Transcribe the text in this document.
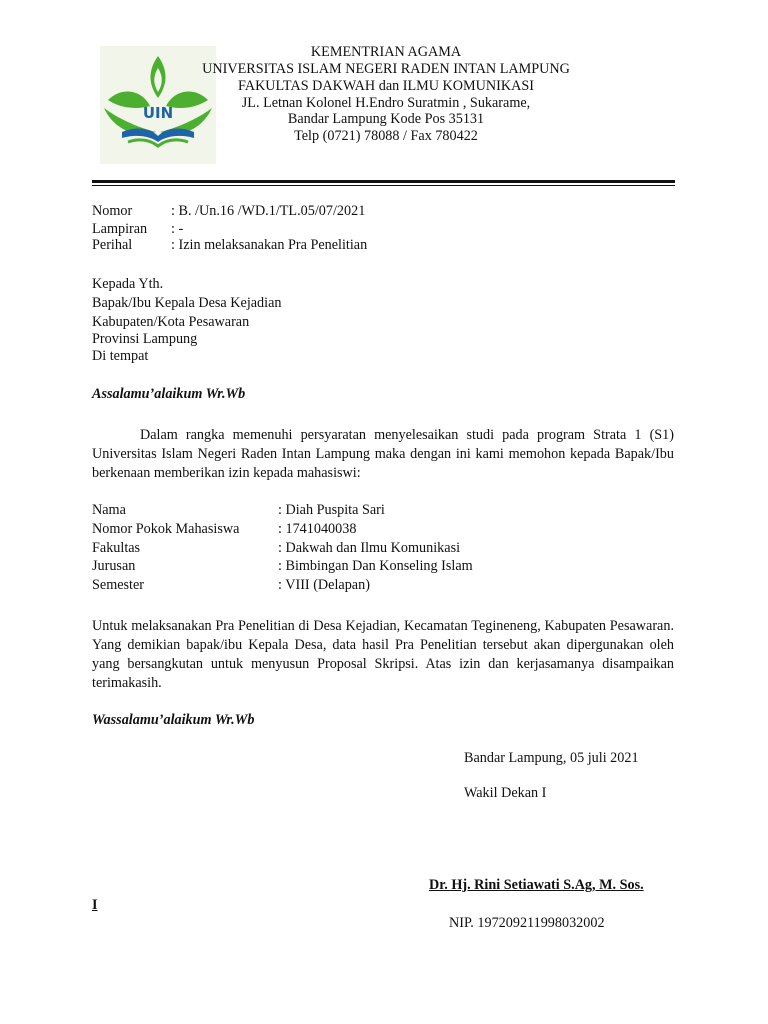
UIN
KEMENTRIAN AGAMA
UNIVERSITAS ISLAM NEGERI RADEN INTAN LAMPUNG
FAKULTAS DAKWAH dan ILMU KOMUNIKASI
JL. Letnan Kolonel H.Endro Suratmin , Sukarame,
Bandar Lampung Kode Pos 35131
Telp (0721) 78088 / Fax 780422
Nomor	: B. /Un.16 /WD.1/TL.05/07/2021
Lampiran : -
Perihal	: Izin melaksanakan Pra Penelitian
Kepada Yth.
Bapak/Ibu Kepala Desa Kejadian
Kabupaten/Kota Pesawaran
Provinsi Lampung
Di tempat
Assalamu’alaikum Wr.Wb
Dalam rangka memenuhi persyaratan menyelesaikan studi pada program Strata 1 (S1) Universitas Islam Negeri Raden Intan Lampung maka dengan ini kami memohon kepada Bapak/Ibu berkenaan memberikan izin kepada mahasiswi:
Nama	: Diah Puspita Sari
Nomor Pokok Mahasiswa	: 1741040038
Fakultas	: Dakwah dan Ilmu Komunikasi
Jurusan	: Bimbingan Dan Konseling Islam
Semester	: VIII (Delapan)
Untuk melaksanakan Pra Penelitian di Desa Kejadian, Kecamatan Tegineneng, Kabupaten Pesawaran. Yang demikian bapak/ibu Kepala Desa, data hasil Pra Penelitian tersebut akan dipergunakan oleh yang bersangkutan untuk menyusun Proposal Skripsi. Atas izin dan kerjasamanya disampaikan terimakasih.
Wassalamu’alaikum Wr.Wb
Bandar Lampung, 05 juli 2021
Wakil Dekan I
Dr. Hj. Rini Setiawati S.Ag, M. Sos.
I
NIP. 197209211998032002
